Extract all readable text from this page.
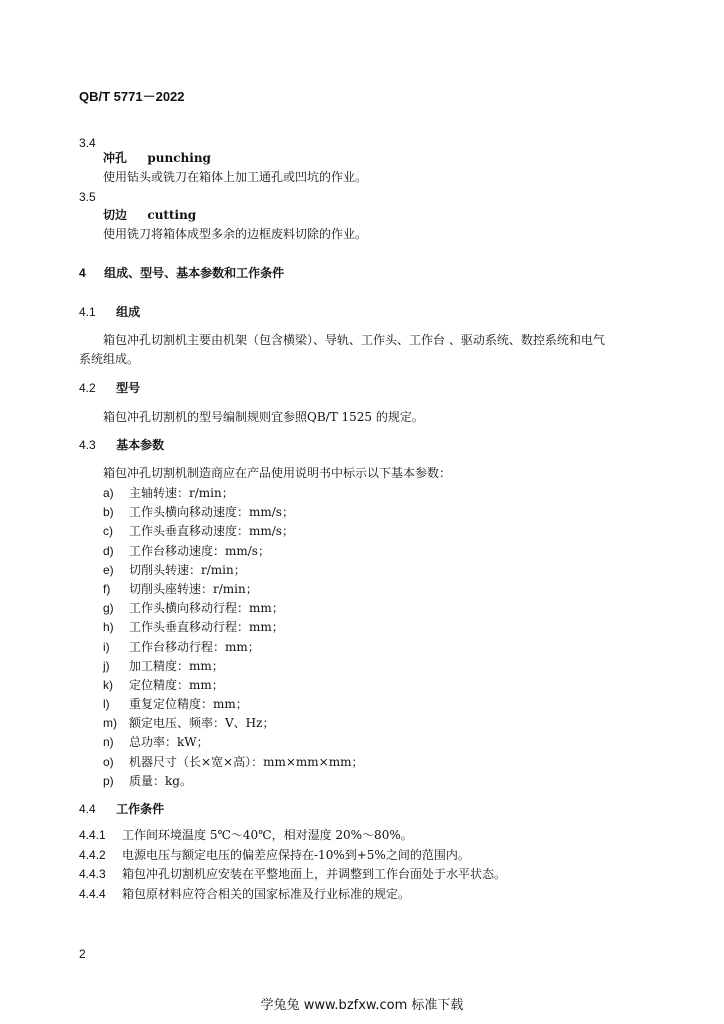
QB/T 5771－2022
3.4
冲孔 punching
使用钻头或铣刀在箱体上加工通孔或凹坑的作业。
3.5
切边 cutting
使用铣刀将箱体成型多余的边框废料切除的作业。
4 组成、型号、基本参数和工作条件
4.1 组成
箱包冲孔切割机主要由机架（包含横梁）、导轨、工作头、工作台 、驱动系统、数控系统和电气
系统组成。
4.2 型号
箱包冲孔切割机的型号编制规则宜参照QB/T 1525 的规定。
4.3 基本参数
箱包冲孔切割机制造商应在产品使用说明书中标示以下基本参数：
a) 主轴转速：r/min；
b) 工作头横向移动速度：mm/s；
c) 工作头垂直移动速度：mm/s；
d) 工作台移动速度：mm/s；
e) 切削头转速：r/min；
f) 切削头座转速：r/min；
g) 工作头横向移动行程：mm；
h) 工作头垂直移动行程：mm；
i) 工作台移动行程：mm；
j) 加工精度：mm；
k) 定位精度：mm；
l) 重复定位精度：mm；
m) 额定电压、频率：V、Hz；
n) 总功率：kW；
o) 机器尺寸（长×宽×高）：mm×mm×mm；
p) 质量：kg。
4.4 工作条件
4.4.1 工作间环境温度 5℃～40℃，相对湿度 20%～80%。
4.4.2 电源电压与额定电压的偏差应保持在-10%到+5%之间的范围内。
4.4.3 箱包冲孔切割机应安装在平整地面上，并调整到工作台面处于水平状态。
4.4.4 箱包原材料应符合相关的国家标准及行业标准的规定。
2
学兔兔 www.bzfxw.com 标准下载
